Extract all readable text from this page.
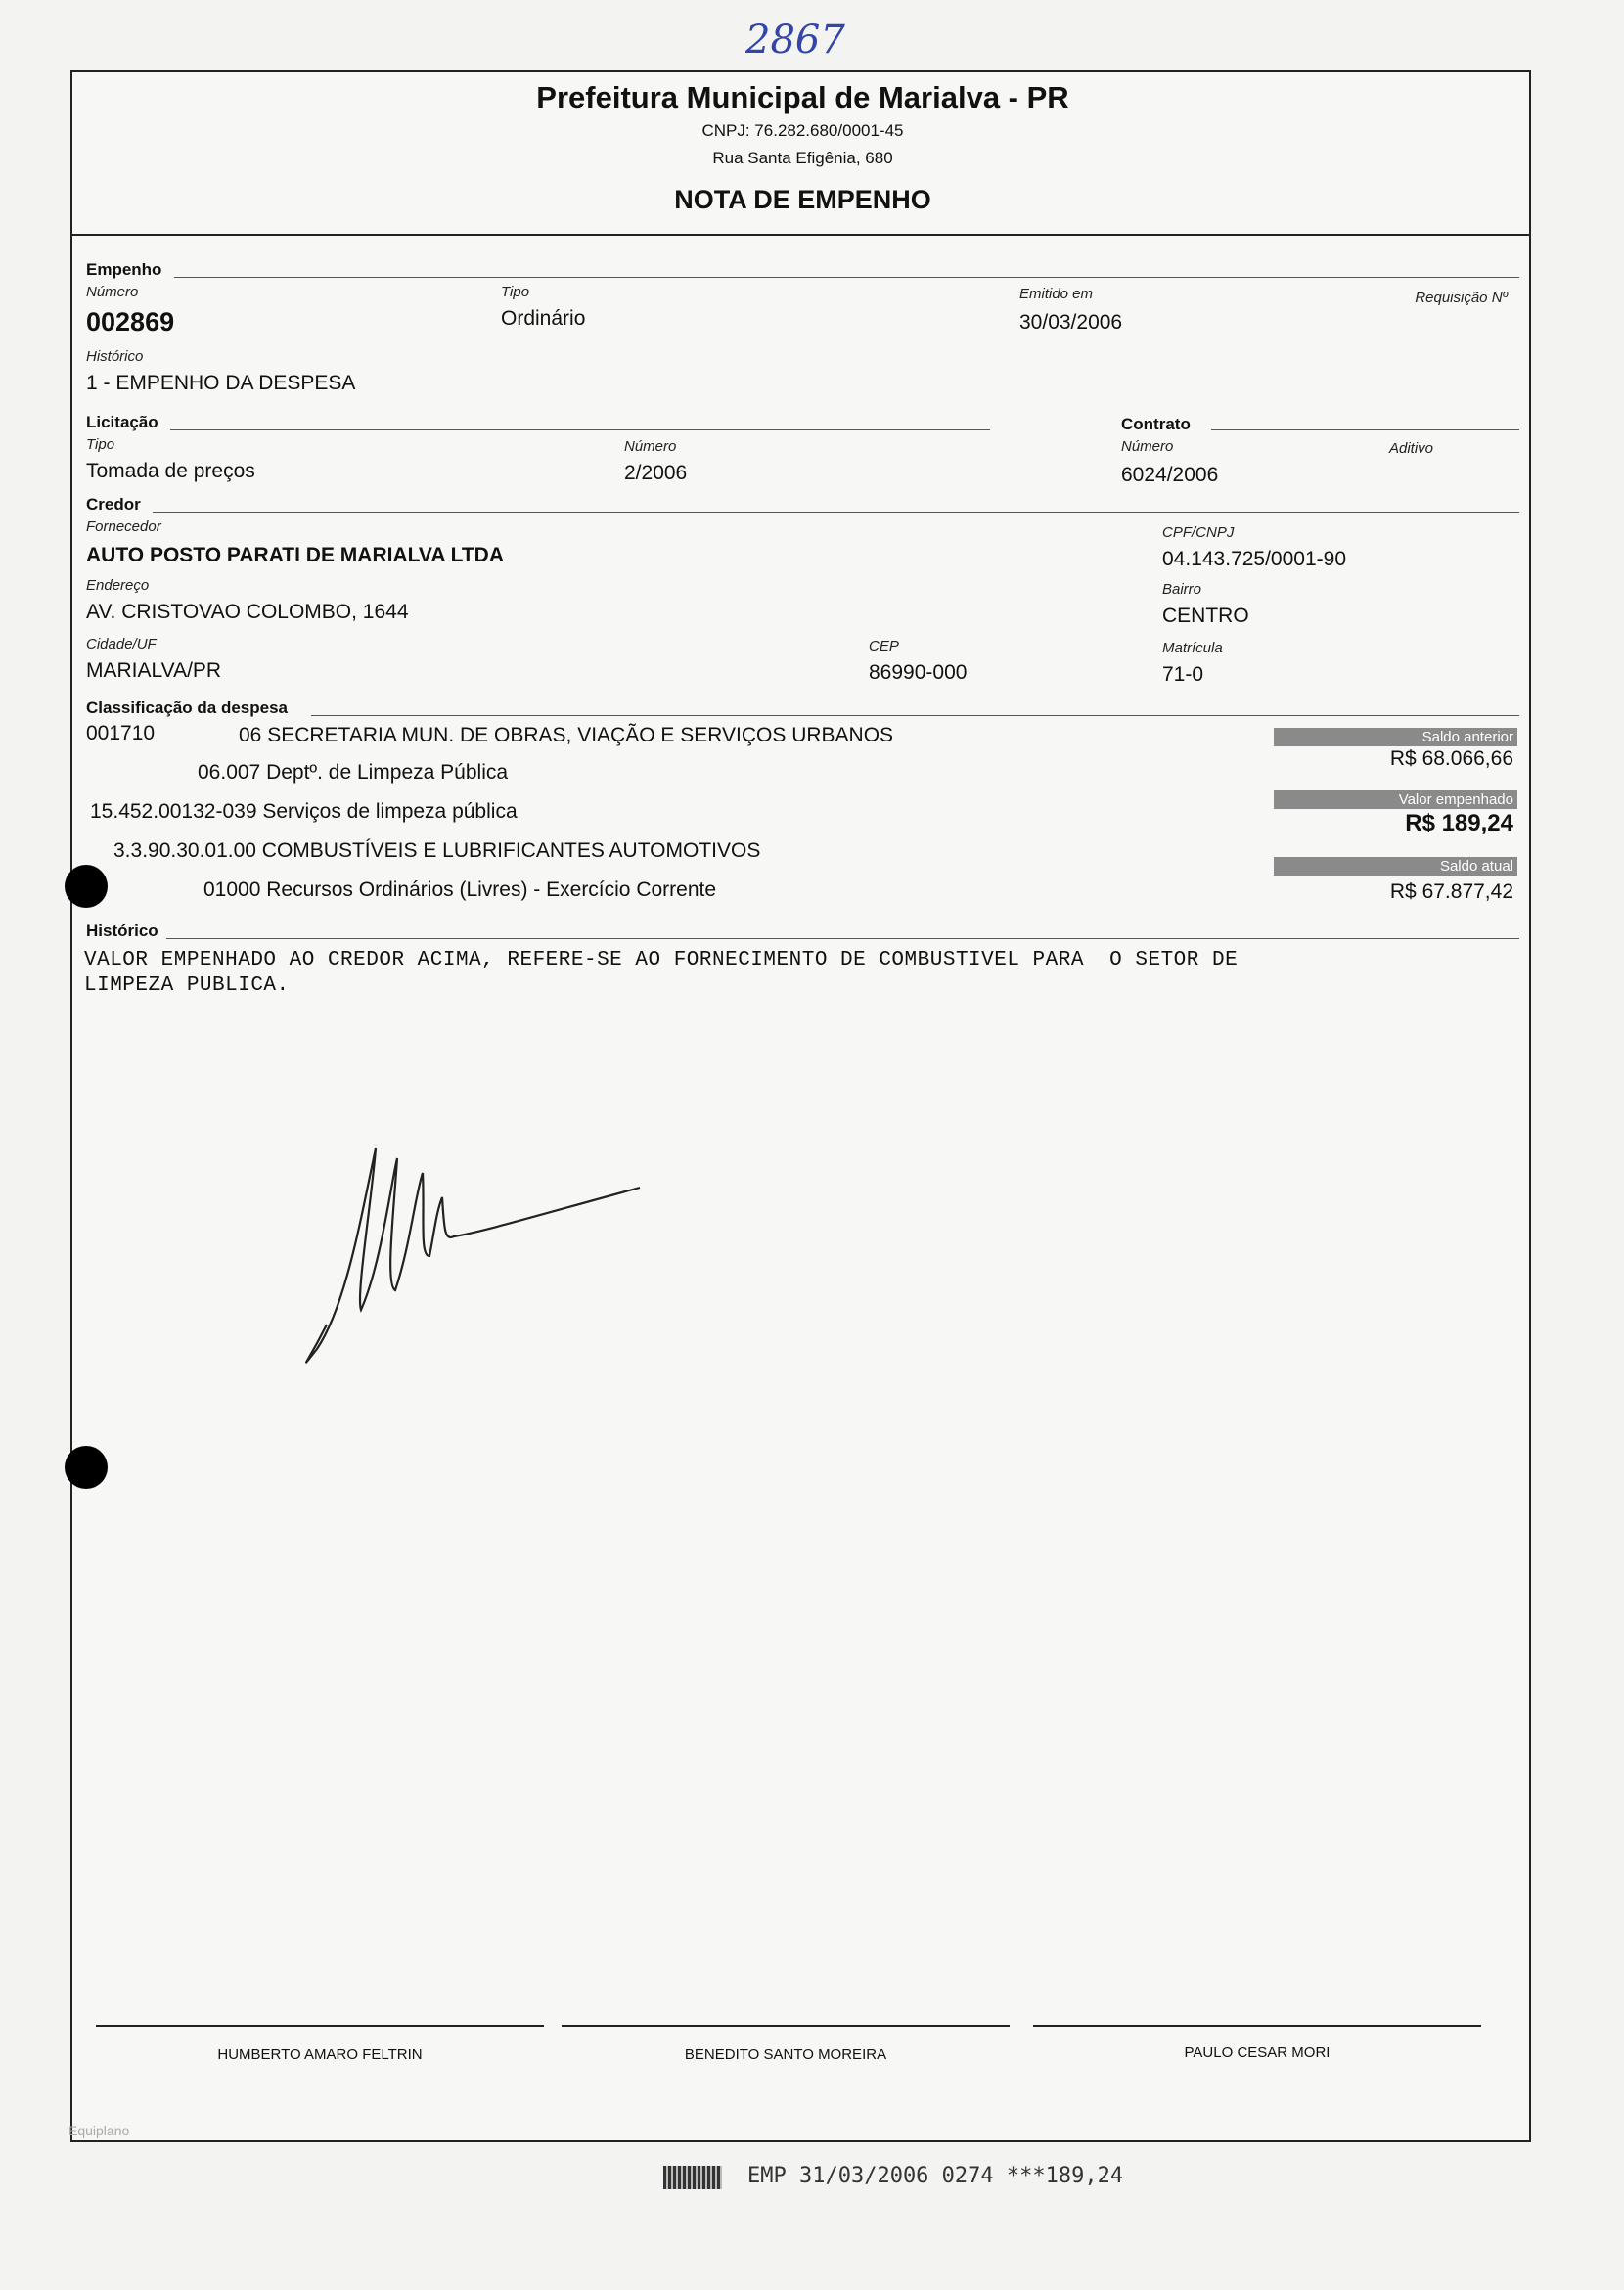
2867
Prefeitura Municipal de Marialva - PR
CNPJ: 76.282.680/0001-45
Rua Santa Efigênia, 680
NOTA DE EMPENHO
Empenho
Número
002869
Tipo
Ordinário
Emitido em
30/03/2006
Requisição Nº
Histórico
1 - EMPENHO DA DESPESA
Licitação
Tipo
Tomada de preços
Número
2/2006
Contrato
Número
6024/2006
Aditivo
Credor
Fornecedor
AUTO POSTO PARATI DE MARIALVA LTDA
CPF/CNPJ
04.143.725/0001-90
Endereço
AV. CRISTOVAO COLOMBO, 1644
Bairro
CENTRO
Cidade/UF
MARIALVA/PR
CEP
86990-000
Matrícula
71-0
Classificação da despesa
001710	06 SECRETARIA MUN. DE OBRAS, VIAÇÃO E SERVIÇOS URBANOS
06.007 Deptº. de Limpeza Pública
15.452.00132-039 Serviços de limpeza pública
3.3.90.30.01.00 COMBUSTÍVEIS E LUBRIFICANTES AUTOMOTIVOS
01000 Recursos Ordinários (Livres) - Exercício Corrente
Saldo anterior
R$ 68.066,66
Valor empenhado
R$ 189,24
Saldo atual
R$ 67.877,42
Histórico
VALOR EMPENHADO AO CREDOR ACIMA, REFERE-SE AO FORNECIMENTO DE COMBUSTIVEL PARA  O SETOR DE
LIMPEZA PUBLICA.
HUMBERTO AMARO FELTRIN	BENEDITO SANTO MOREIRA	PAULO CESAR MORI
Equiplano
EMP 31/03/2006 0274 ***189,24
